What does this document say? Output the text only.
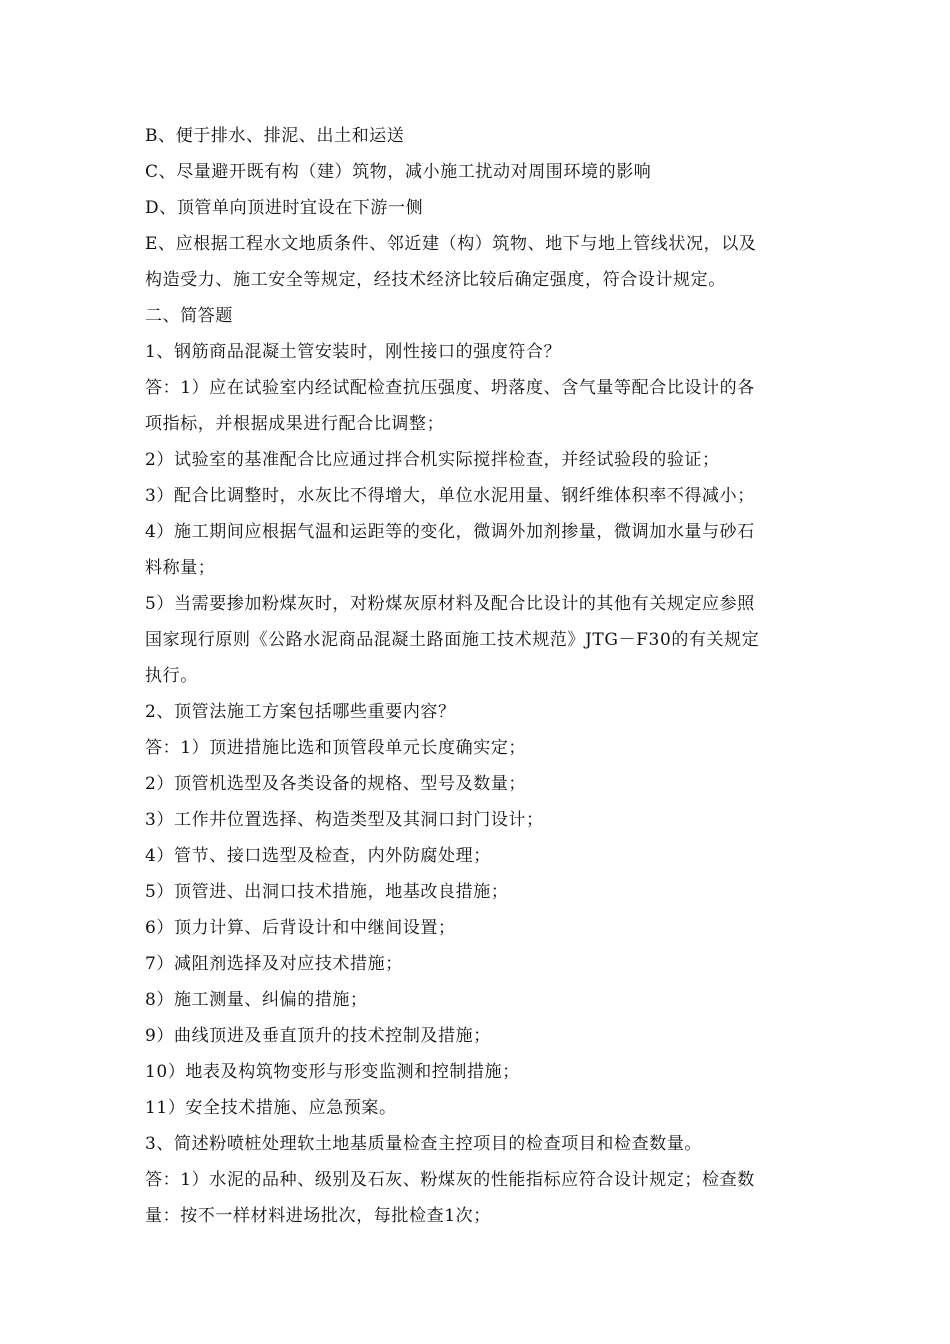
B、便于排水、排泥、出土和运送
C、尽量避开既有构（建）筑物，减小施工扰动对周围环境的影响
D、顶管单向顶进时宜设在下游一侧
E、应根据工程水文地质条件、邻近建（构）筑物、地下与地上管线状况，以及
构造受力、施工安全等规定，经技术经济比较后确定强度，符合设计规定。
二、简答题
1、钢筋商品混凝土管安装时，刚性接口的强度符合？
答：1）应在试验室内经试配检查抗压强度、坍落度、含气量等配合比设计的各
项指标，并根据成果进行配合比调整；
2）试验室的基准配合比应通过拌合机实际搅拌检查，并经试验段的验证；
3）配合比调整时，水灰比不得增大，单位水泥用量、钢纤维体积率不得减小；
4）施工期间应根据气温和运距等的变化，微调外加剂掺量，微调加水量与砂石
料称量；
5）当需要掺加粉煤灰时，对粉煤灰原材料及配合比设计的其他有关规定应参照
国家现行原则《公路水泥商品混凝土路面施工技术规范》JTG－F30的有关规定
执行。
2、顶管法施工方案包括哪些重要内容？
答：1）顶进措施比选和顶管段单元长度确实定；
2）顶管机选型及各类设备的规格、型号及数量；
3）工作井位置选择、构造类型及其洞口封门设计；
4）管节、接口选型及检查，内外防腐处理；
5）顶管进、出洞口技术措施，地基改良措施；
6）顶力计算、后背设计和中继间设置；
7）减阻剂选择及对应技术措施；
8）施工测量、纠偏的措施；
9）曲线顶进及垂直顶升的技术控制及措施；
10）地表及构筑物变形与形变监测和控制措施；
11）安全技术措施、应急预案。
3、简述粉喷桩处理软土地基质量检查主控项目的检查项目和检查数量。
答：1）水泥的品种、级别及石灰、粉煤灰的性能指标应符合设计规定；检查数
量：按不一样材料进场批次，每批检查1次；
